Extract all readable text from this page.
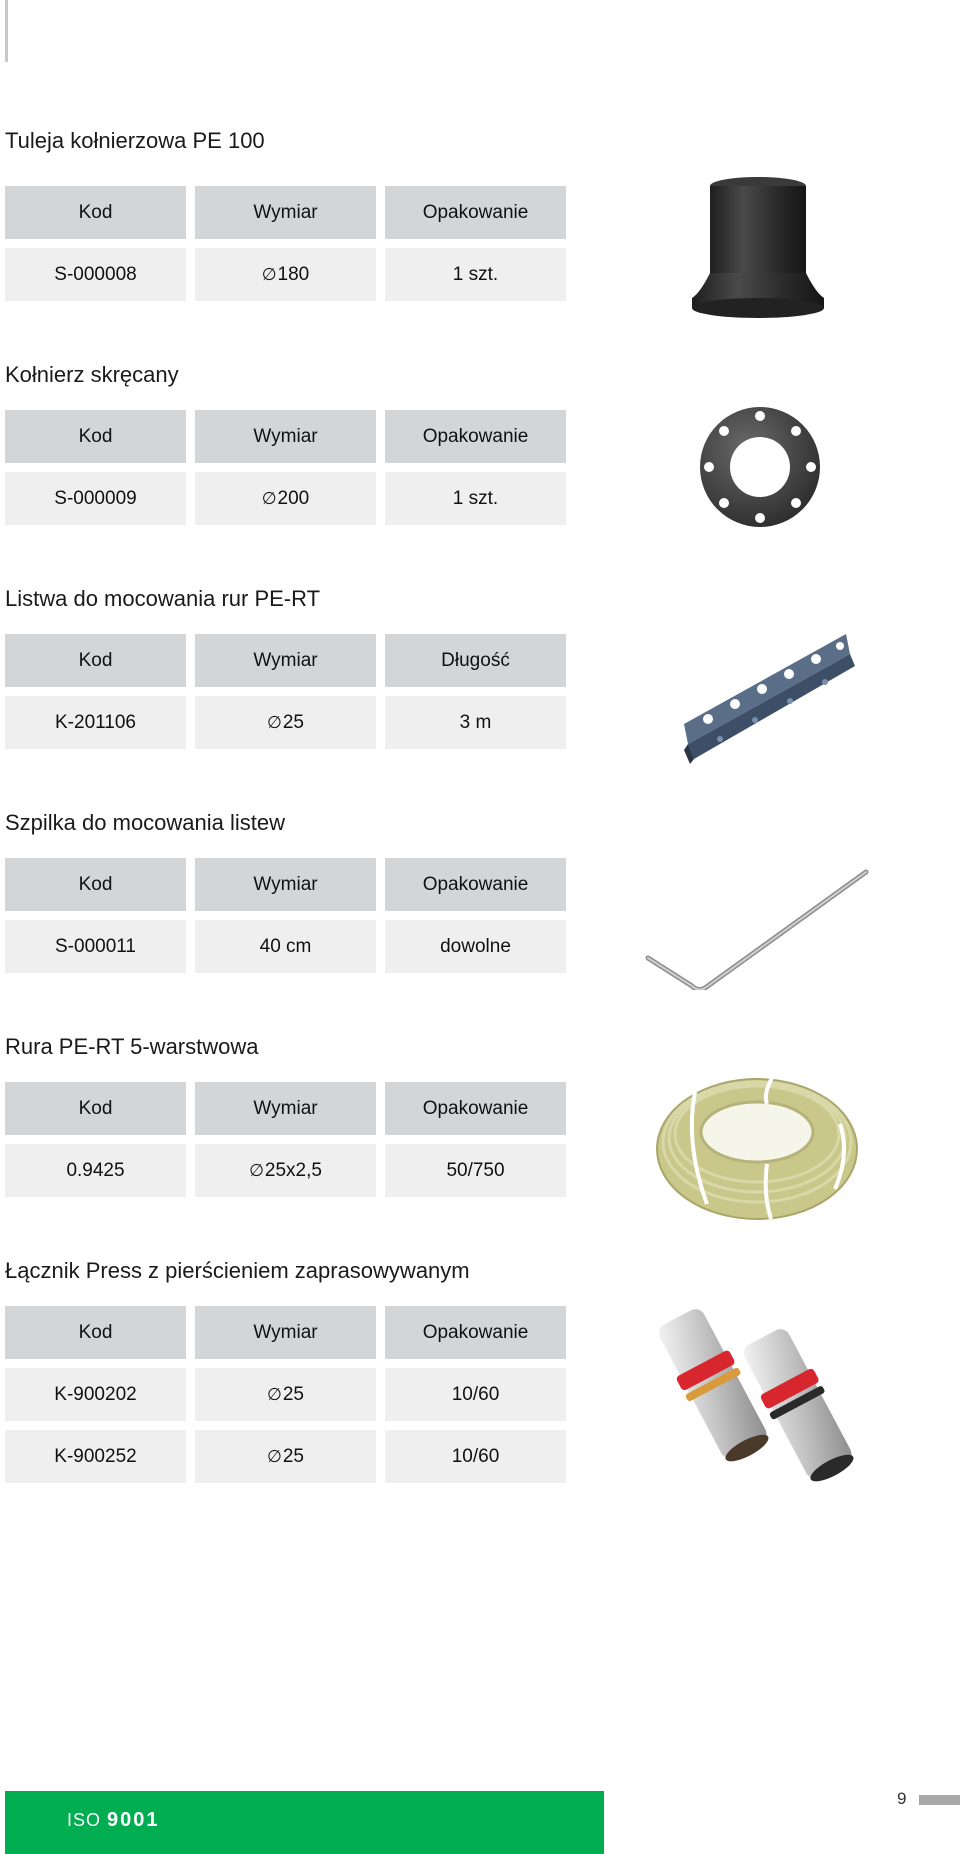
Tuleja kołnierzowa PE 100
Kod	Wymiar	Opakowanie
S-000008	∅ 180	1 szt.
Kołnierz skręcany
Kod	Wymiar	Opakowanie
S-000009	∅ 200	1 szt.
Listwa do mocowania rur PE-RT
Kod	Wymiar	Długość
K-201106	∅ 25	3 m
Szpilka do mocowania listew
Kod	Wymiar	Opakowanie
S-000011	40 cm	dowolne
Rura PE-RT 5-warstwowa
Kod	Wymiar	Opakowanie
0.9425	∅ 25x2,5	50/750
Łącznik Press z pierścieniem zaprasowywanym
Kod	Wymiar	Opakowanie
K-900202	∅ 25	10/60
K-900252	∅ 25	10/60
ISO 9001
9
